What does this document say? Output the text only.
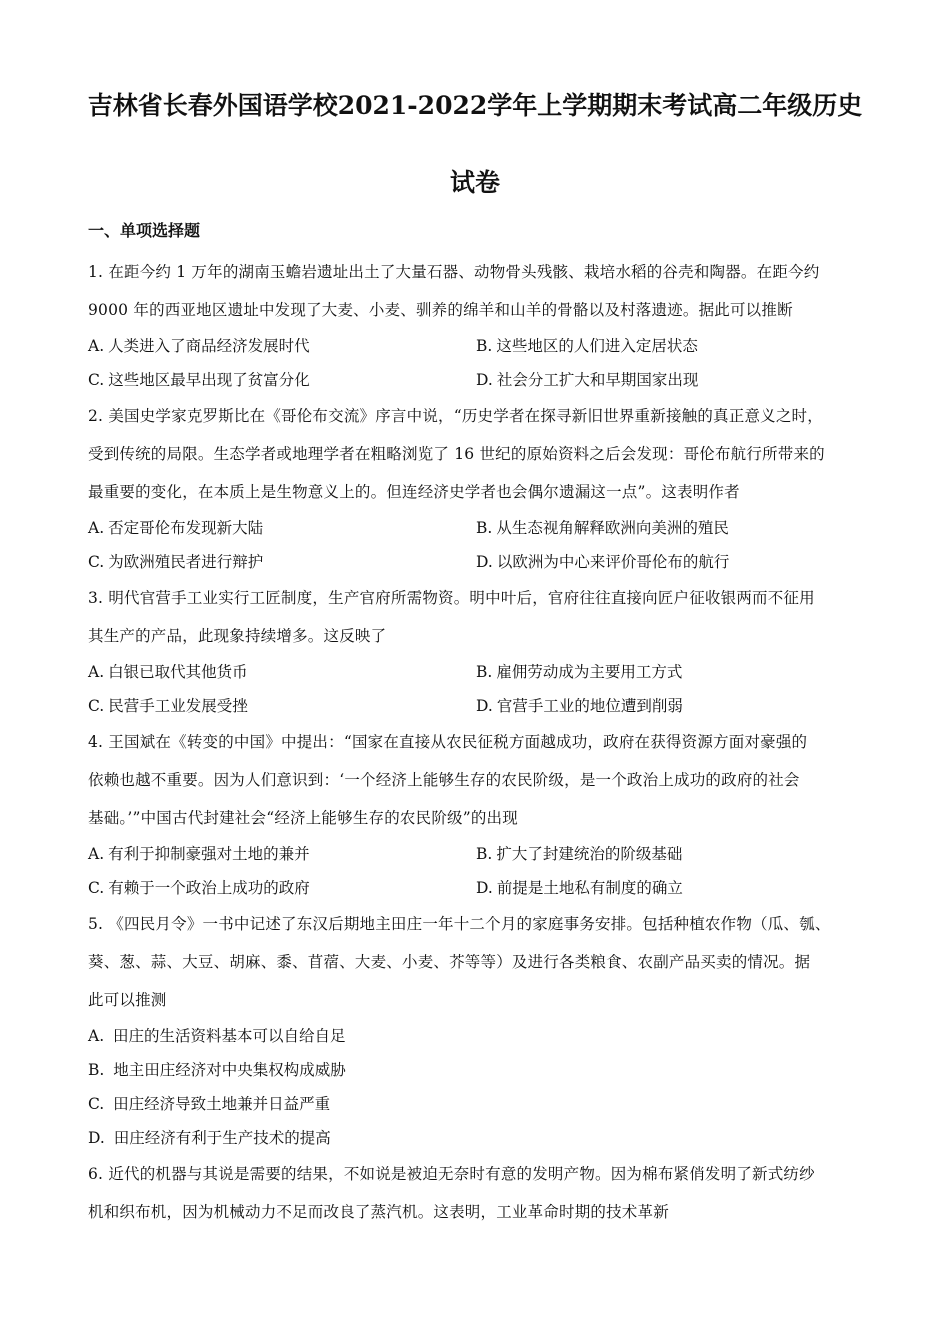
吉林省长春外国语学校2021-2022学年上学期期末考试高二年级历史
试卷
一、单项选择题
1. 在距今约 1 万年的湖南玉蟾岩遗址出土了大量石器、动物骨头残骸、栽培水稻的谷壳和陶器。在距今约
9000 年的西亚地区遗址中发现了大麦、小麦、驯养的绵羊和山羊的骨骼以及村落遗迹。据此可以推断
A. 人类进入了商品经济发展时代	B. 这些地区的人们进入定居状态
C. 这些地区最早出现了贫富分化	D. 社会分工扩大和早期国家出现
2. 美国史学家克罗斯比在《哥伦布交流》序言中说，“历史学者在探寻新旧世界重新接触的真正意义之时，
受到传统的局限。生态学者或地理学者在粗略浏览了 16 世纪的原始资料之后会发现：哥伦布航行所带来的
最重要的变化，在本质上是生物意义上的。但连经济史学者也会偶尔遗漏这一点”。这表明作者
A. 否定哥伦布发现新大陆	B. 从生态视角解释欧洲向美洲的殖民
C. 为欧洲殖民者进行辩护	D. 以欧洲为中心来评价哥伦布的航行
3. 明代官营手工业实行工匠制度，生产官府所需物资。明中叶后，官府往往直接向匠户征收银两而不征用
其生产的产品，此现象持续增多。这反映了
A. 白银已取代其他货币	B. 雇佣劳动成为主要用工方式
C. 民营手工业发展受挫	D. 官营手工业的地位遭到削弱
4. 王国斌在《转变的中国》中提出：“国家在直接从农民征税方面越成功，政府在获得资源方面对豪强的
依赖也越不重要。因为人们意识到：‘一个经济上能够生存的农民阶级，是一个政治上成功的政府的社会
基础。’”中国古代封建社会“经济上能够生存的农民阶级”的出现
A. 有利于抑制豪强对土地的兼并	B. 扩大了封建统治的阶级基础
C. 有赖于一个政治上成功的政府	D. 前提是土地私有制度的确立
5. 《四民月令》一书中记述了东汉后期地主田庄一年十二个月的家庭事务安排。包括种植农作物（瓜、瓠、
葵、葱、蒜、大豆、胡麻、黍、苜蓿、大麦、小麦、芥等等）及进行各类粮食、农副产品买卖的情况。据
此可以推测
A. 田庄的生活资料基本可以自给自足
B. 地主田庄经济对中央集权构成威胁
C. 田庄经济导致土地兼并日益严重
D. 田庄经济有利于生产技术的提高
6. 近代的机器与其说是需要的结果，不如说是被迫无奈时有意的发明产物。因为棉布紧俏发明了新式纺纱
机和织布机，因为机械动力不足而改良了蒸汽机。这表明，工业革命时期的技术革新
